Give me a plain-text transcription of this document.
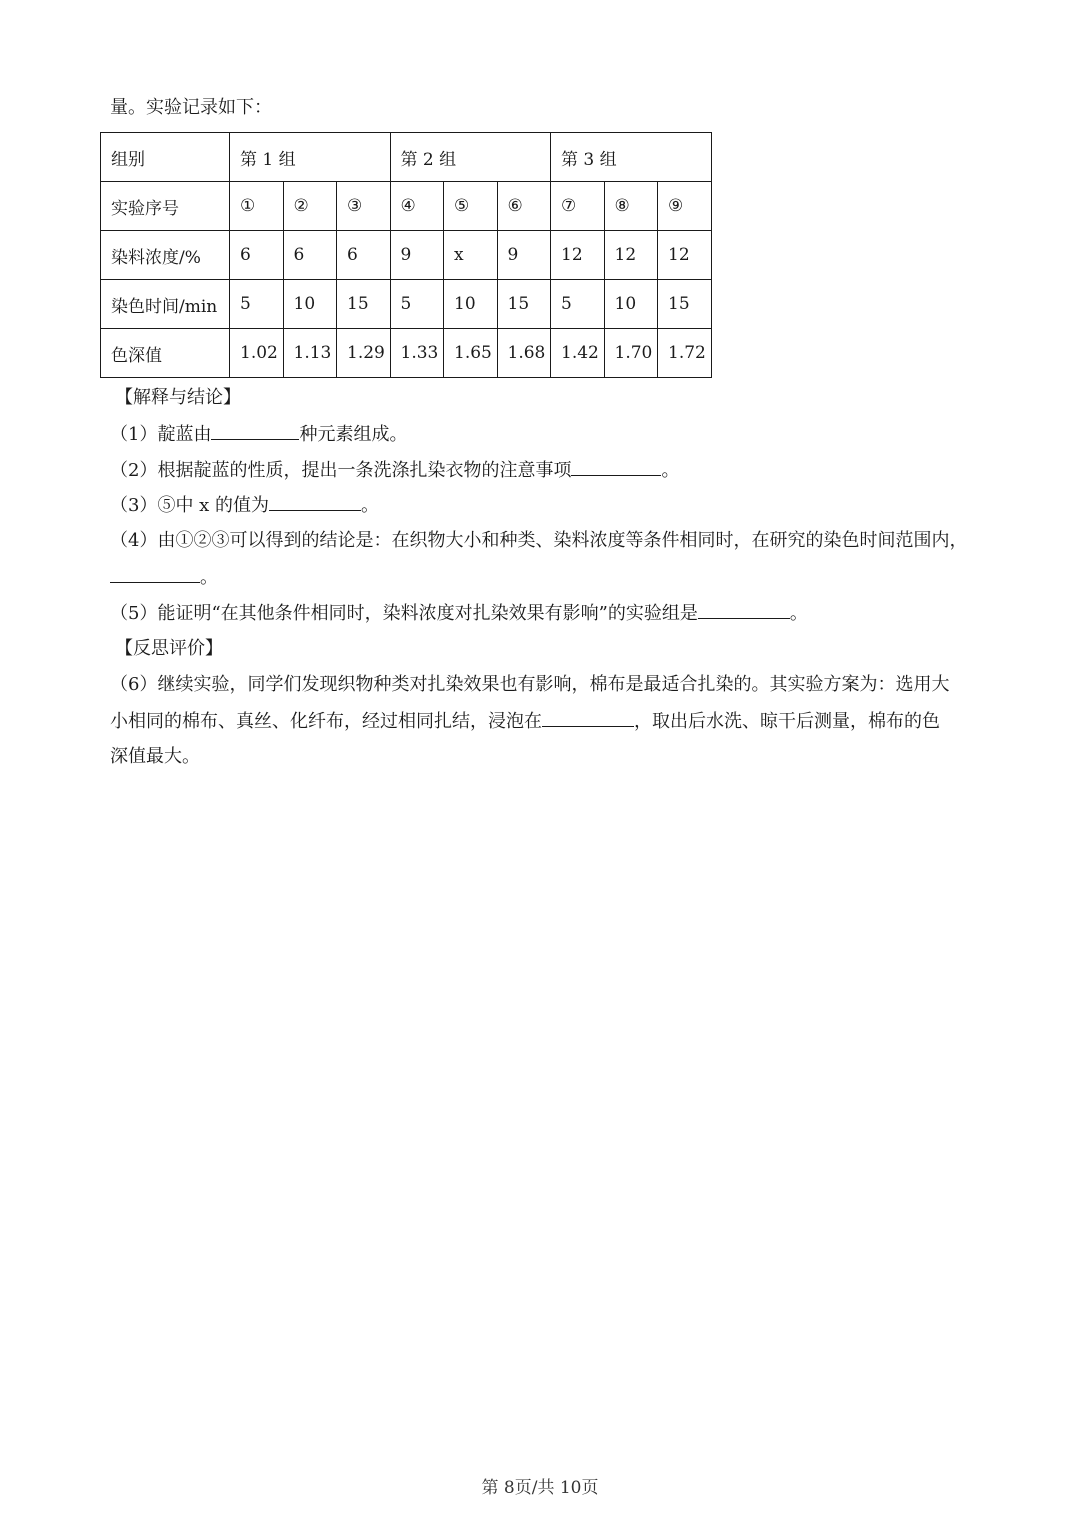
量。实验记录如下：
组别	第 1 组			第 2 组			第 3 组		
实验序号	①	②	③	④	⑤	⑥	⑦	⑧	⑨
染料浓度/%	6	6	6	9	x	9	12	12	12
染色时间/min	5	10	15	5	10	15	5	10	15
色深值	1.02	1.13	1.29	1.33	1.65	1.68	1.42	1.70	1.72
【解释与结论】
（1）靛蓝由	种元素组成。
（2）根据靛蓝的性质，提出一条洗涤扎染衣物的注意事项	。
（3）⑤中 x 的值为	。
（4）由①②③可以得到的结论是：在织物大小和种类、染料浓度等条件相同时，在研究的染色时间范围内，
。
（5）能证明“在其他条件相同时，染料浓度对扎染效果有影响”的实验组是	。
【反思评价】
（6）继续实验，同学们发现织物种类对扎染效果也有影响，棉布是最适合扎染的。其实验方案为：选用大
小相同的棉布、真丝、化纤布，经过相同扎结，浸泡在	，取出后水洗、晾干后测量，棉布的色
深值最大。
第 8页/共 10页
